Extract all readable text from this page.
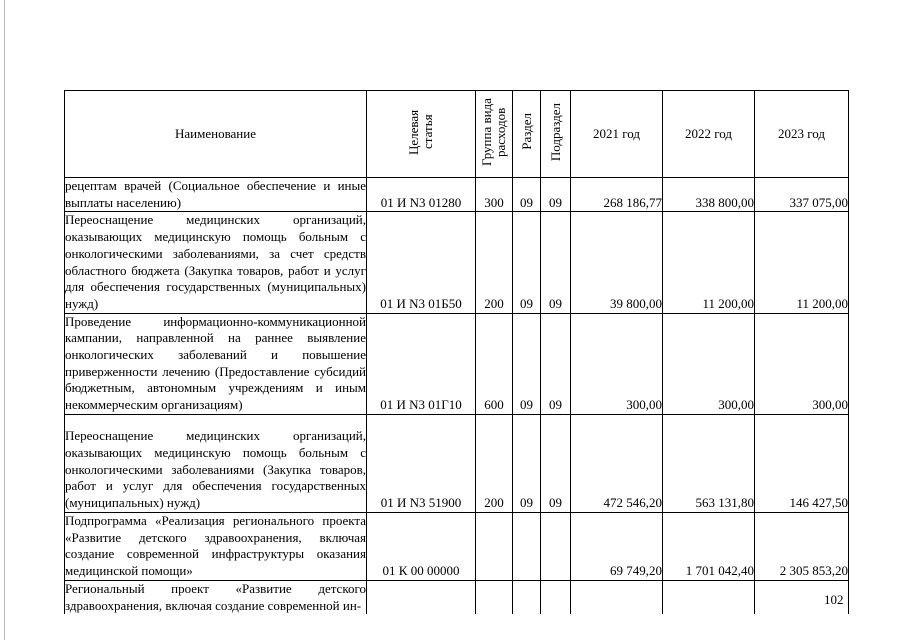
Наименование	Целевая статья	Группа вида расходов	Раздел	Подраздел	2021 год	2022 год	2023 год
рецептам врачей (Социальное обеспечение и иные выплаты населению)	01 И N3 01280	300	09	09	268 186,77	338 800,00	337 075,00
Переоснащение медицинских организаций, оказывающих медицинскую помощь больным с онкологическими заболеваниями, за счет средств областного бюджета (Закупка товаров, работ и услуг для обеспечения государственных (муниципальных) нужд)	01 И N3 01Б50	200	09	09	39 800,00	11 200,00	11 200,00
Проведение информационно-коммуникационной кампании, направленной на раннее выявление онкологических заболеваний и повышение приверженности лечению (Предоставление субсидий бюджетным, автономным учреждениям и иным некоммерческим организациям)	01 И N3 01Г10	600	09	09	300,00	300,00	300,00
Переоснащение медицинских организаций, оказывающих медицинскую помощь больным с онкологическими заболеваниями (Закупка товаров, работ и услуг для обеспечения государственных (муниципальных) нужд)	01 И N3 51900	200	09	09	472 546,20	563 131,80	146 427,50
Подпрограмма «Реализация регионального проекта «Развитие детского здравоохранения, включая создание современной инфраструктуры оказания медицинской помощи»	01 К 00 00000				69 749,20	1 701 042,40	2 305 853,20
Региональный проект «Развитие детского здравоохранения, включая создание современной ин-								102
